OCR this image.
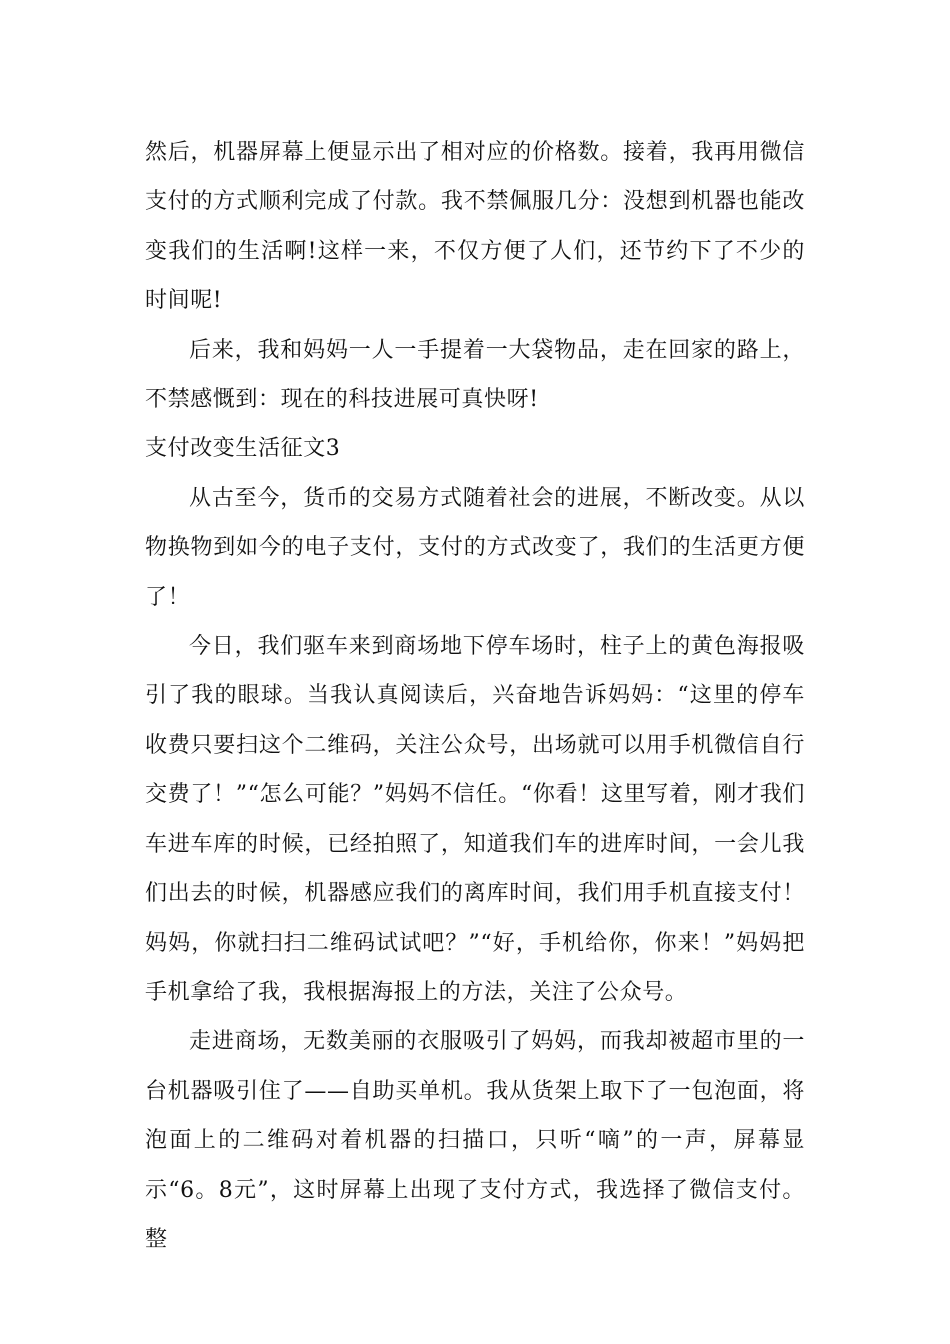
然后，机器屏幕上便显示出了相对应的价格数。接着，我再用微信支付的方式顺利完成了付款。我不禁佩服几分：没想到机器也能改变我们的生活啊!这样一来，不仅方便了人们，还节约下了不少的时间呢!

后来，我和妈妈一人一手提着一大袋物品，走在回家的路上，不禁感慨到：现在的科技进展可真快呀!

支付改变生活征文3

从古至今，货币的交易方式随着社会的进展，不断改变。从以物换物到如今的电子支付，支付的方式改变了，我们的生活更方便了！

今日，我们驱车来到商场地下停车场时，柱子上的黄色海报吸引了我的眼球。当我认真阅读后，兴奋地告诉妈妈：“这里的停车收费只要扫这个二维码，关注公众号，出场就可以用手机微信自行交费了！”“怎么可能？”妈妈不信任。“你看！这里写着，刚才我们车进车库的时候，已经拍照了，知道我们车的进库时间，一会儿我们出去的时候，机器感应我们的离库时间，我们用手机直接支付！妈妈，你就扫扫二维码试试吧？”“好，手机给你，你来！”妈妈把手机拿给了我，我根据海报上的方法，关注了公众号。

走进商场，无数美丽的衣服吸引了妈妈，而我却被超市里的一台机器吸引住了——自助买单机。我从货架上取下了一包泡面，将泡面上的二维码对着机器的扫描口，只听“嘀”的一声，屏幕显示“6。8元”，这时屏幕上出现了支付方式，我选择了微信支付。整
